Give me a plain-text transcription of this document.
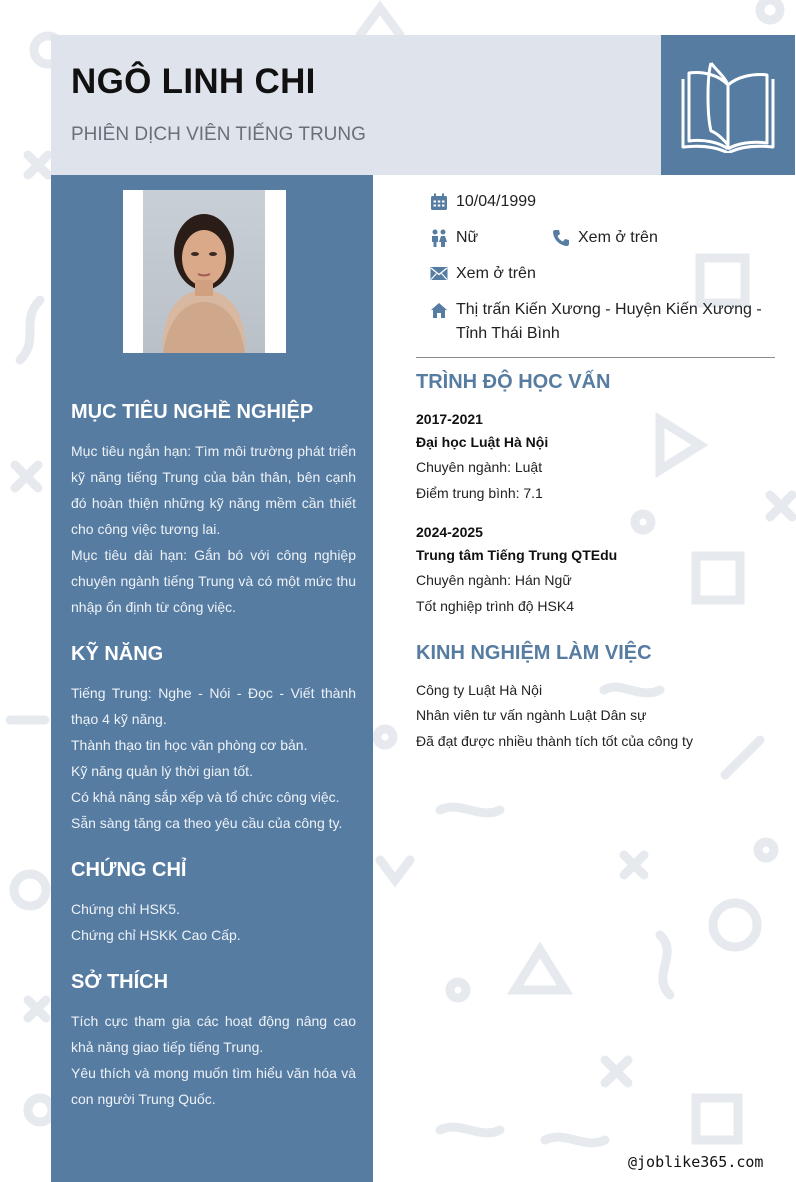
NGÔ LINH CHI
PHIÊN DỊCH VIÊN TIẾNG TRUNG
MỤC TIÊU NGHỀ NGHIỆP

Mục tiêu ngắn hạn: Tìm môi trường phát triển kỹ năng tiếng Trung của bản thân, bên cạnh đó hoàn thiện những kỹ năng mềm cần thiết cho công việc tương lai.

Mục tiêu dài hạn: Gắn bó với công nghiệp chuyên ngành tiếng Trung và có một mức thu nhập ổn định từ công việc.

KỸ NĂNG

Tiếng Trung: Nghe - Nói - Đọc - Viết thành thạo 4 kỹ năng.

Thành thạo tin học văn phòng cơ bản.

Kỹ năng quản lý thời gian tốt.

Có khả năng sắp xếp và tổ chức công việc.

Sẵn sàng tăng ca theo yêu cầu của công ty.

CHỨNG CHỈ

Chứng chỉ HSK5.

Chứng chỉ HSKK Cao Cấp.

SỞ THÍCH

Tích cực tham gia các hoạt động nâng cao khả năng giao tiếp tiếng Trung.

Yêu thích và mong muốn tìm hiểu văn hóa và con người Trung Quốc.

10/04/1999
Nữ	Xem ở trên
Xem ở trên
Thị trấn Kiến Xương - Huyện Kiến Xương -
Tỉnh Thái Bình
TRÌNH ĐỘ HỌC VẤN
2017-2021
Đại học Luật Hà Nội
Chuyên ngành: Luật
Điểm trung bình: 7.1
2024-2025
Trung tâm Tiếng Trung QTEdu
Chuyên ngành: Hán Ngữ
Tốt nghiệp trình độ HSK4
KINH NGHIỆM LÀM VIỆC
Công ty Luật Hà Nội
Nhân viên tư vấn ngành Luật Dân sự
Đã đạt được nhiều thành tích tốt của công ty
@joblike365.com
